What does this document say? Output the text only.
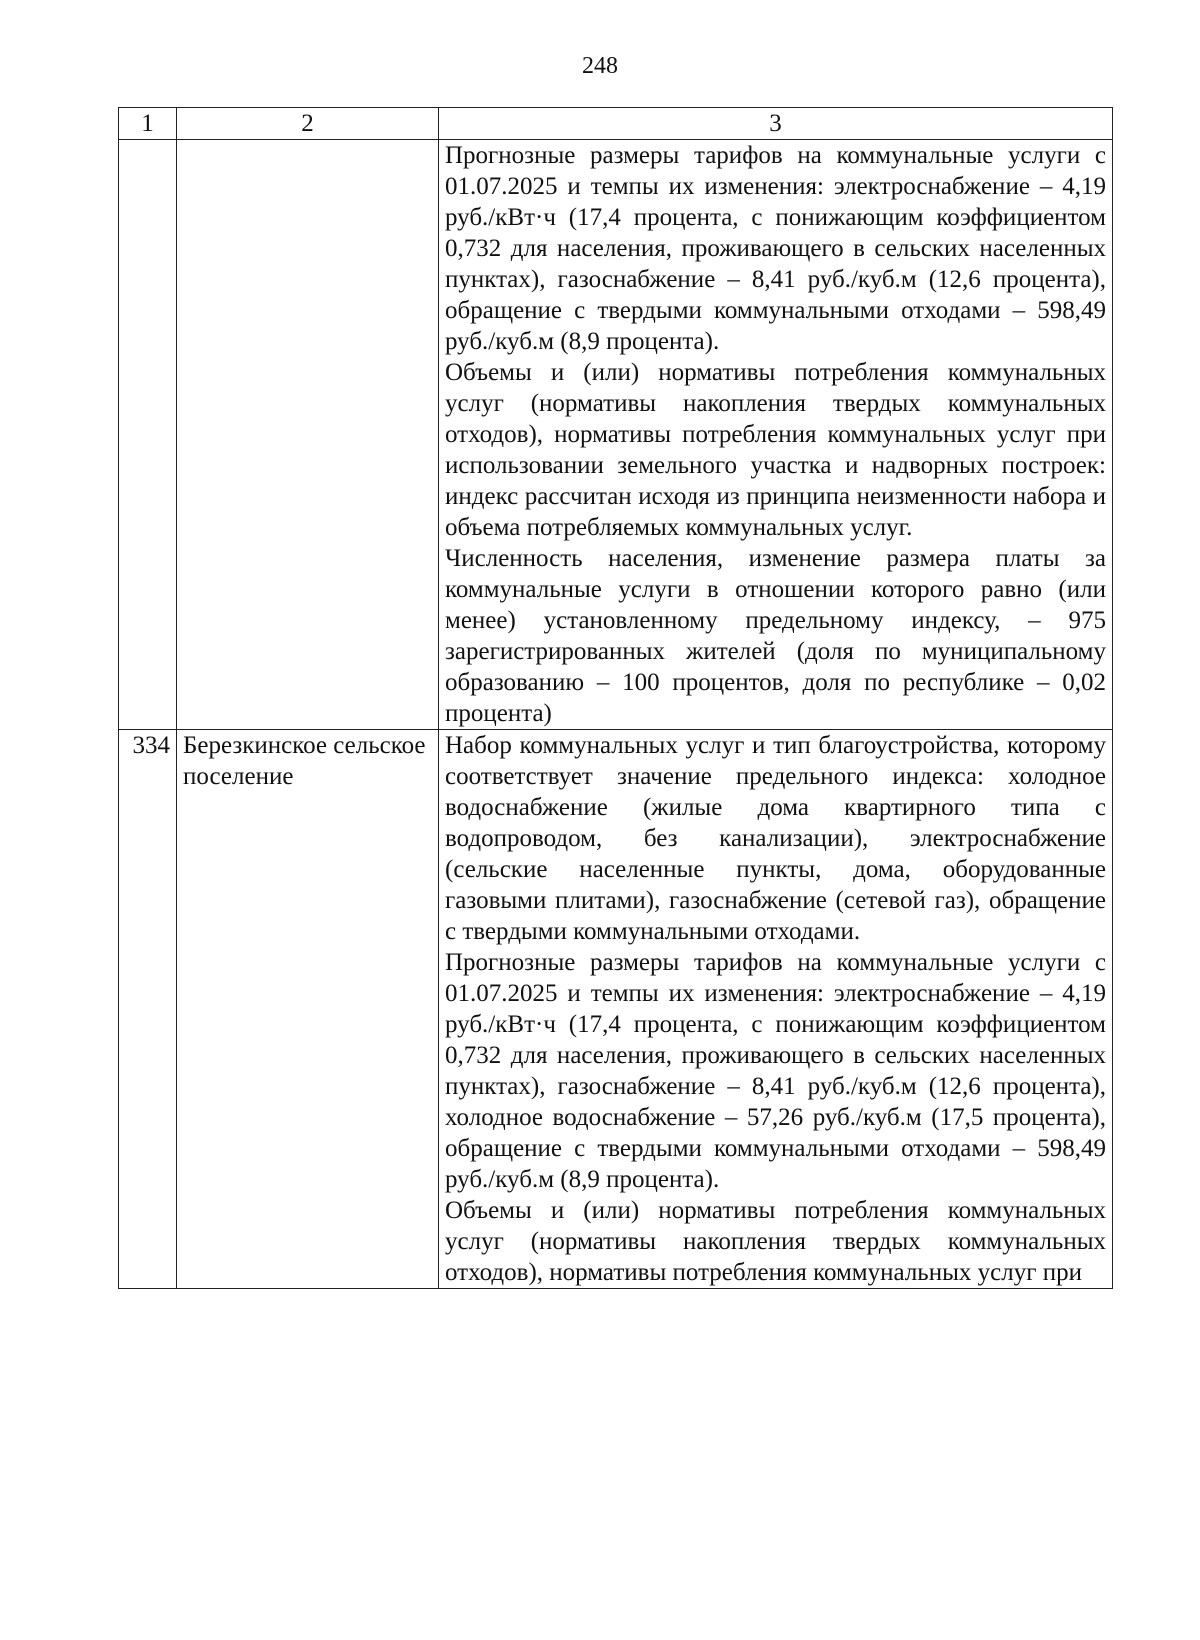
248
1	2	3

		Прогнозные размеры тарифов на коммунальные услуги с 01.07.2025 и темпы их изменения: электроснабжение – 4,19 руб./кВт·ч (17,4 процента, с понижающим коэффициентом 0,732 для населения, проживающего в сельских населенных пунктах), газоснабжение – 8,41 руб./куб.м (12,6 процента), обращение с твердыми коммунальными отходами – 598,49 руб./куб.м (8,9 процента).

Объемы и (или) нормативы потребления коммунальных услуг (нормативы накопления твердых коммунальных отходов), нормативы потребления коммунальных услуг при использовании земельного участка и надворных построек: индекс рассчитан исходя из принципа неизменности набора и объема потребляемых коммунальных услуг.

Численность населения, изменение размера платы за коммунальные услуги в отношении которого равно (или менее) установленному предельному индексу, – 975 зарегистрированных жителей (доля по муниципальному образованию – 100 процентов, доля по республике – 0,02 процента)

334	Березкинское сельское поселение	Набор коммунальных услуг и тип благоустройства, которому соответствует значение предельного индекса: холодное водоснабжение (жилые дома квартирного типа с водопроводом, без канализации), электроснабжение (сельские населенные пункты, дома, оборудованные газовыми плитами), газоснабжение (сетевой газ), обращение с твердыми коммунальными отходами.

Прогнозные размеры тарифов на коммунальные услуги с 01.07.2025 и темпы их изменения: электроснабжение – 4,19 руб./кВт·ч (17,4 процента, с понижающим коэффициентом 0,732 для населения, проживающего в сельских населенных пунктах), газоснабжение – 8,41 руб./куб.м (12,6 процента), холодное водоснабжение – 57,26 руб./куб.м (17,5 процента), обращение с твердыми коммунальными отходами – 598,49 руб./куб.м (8,9 процента).

Объемы и (или) нормативы потребления коммунальных услуг (нормативы накопления твердых коммунальных отходов), нормативы потребления коммунальных услуг при
